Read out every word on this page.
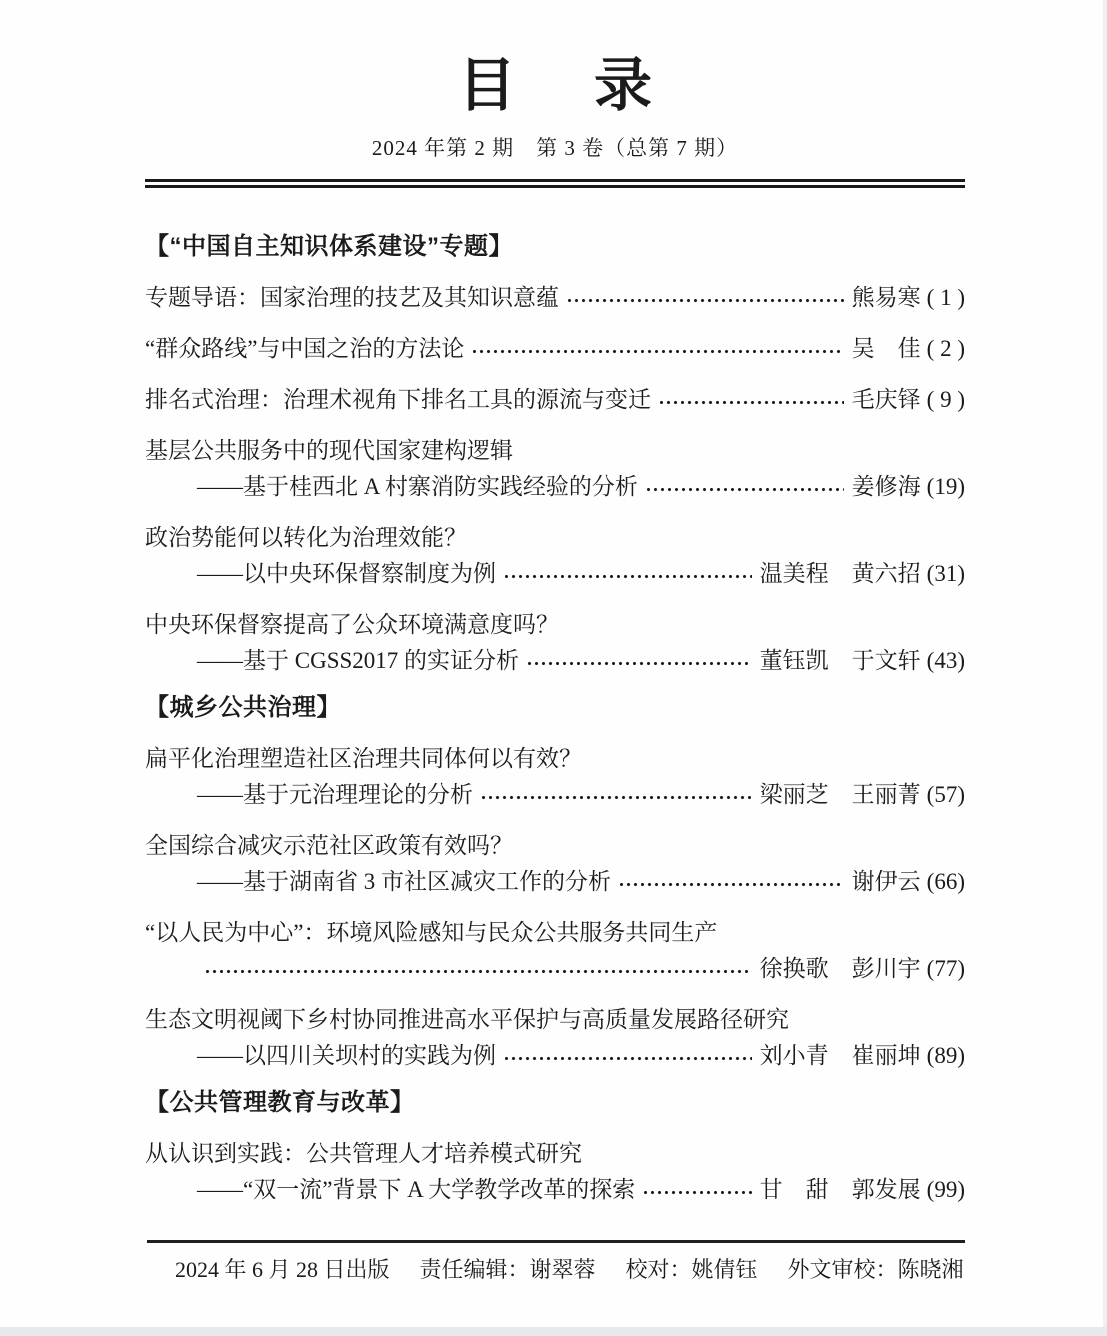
目　录
2024 年第 2 期　第 3 卷（总第 7 期）
【“中国自主知识体系建设”专题】
专题导语：国家治理的技艺及其知识意蕴	熊易寒 ( 1 )
“群众路线”与中国之治的方法论	吴　佳 ( 2 )
排名式治理：治理术视角下排名工具的源流与变迁	毛庆铎 ( 9 )
基层公共服务中的现代国家建构逻辑
——基于桂西北 A 村寨消防实践经验的分析	姜修海 (19)
政治势能何以转化为治理效能？
——以中央环保督察制度为例	温美程　黄六招 (31)
中央环保督察提高了公众环境满意度吗？
——基于 CGSS2017 的实证分析	董钰凯　于文轩 (43)
【城乡公共治理】
扁平化治理塑造社区治理共同体何以有效？
——基于元治理理论的分析	梁丽芝　王丽菁 (57)
全国综合减灾示范社区政策有效吗？
——基于湖南省 3 市社区减灾工作的分析	谢伊云 (66)
“以人民为中心”：环境风险感知与民众公共服务共同生产
徐换歌　彭川宇 (77)
生态文明视阈下乡村协同推进高水平保护与高质量发展路径研究
——以四川关坝村的实践为例	刘小青　崔丽坤 (89)
【公共管理教育与改革】
从认识到实践：公共管理人才培养模式研究
——“双一流”背景下 A 大学教学改革的探索	甘　甜　郭发展 (99)
2024 年 6 月 28 日出版 责任编辑：谢翠蓉 校对：姚倩钰 外文审校：陈晓湘
